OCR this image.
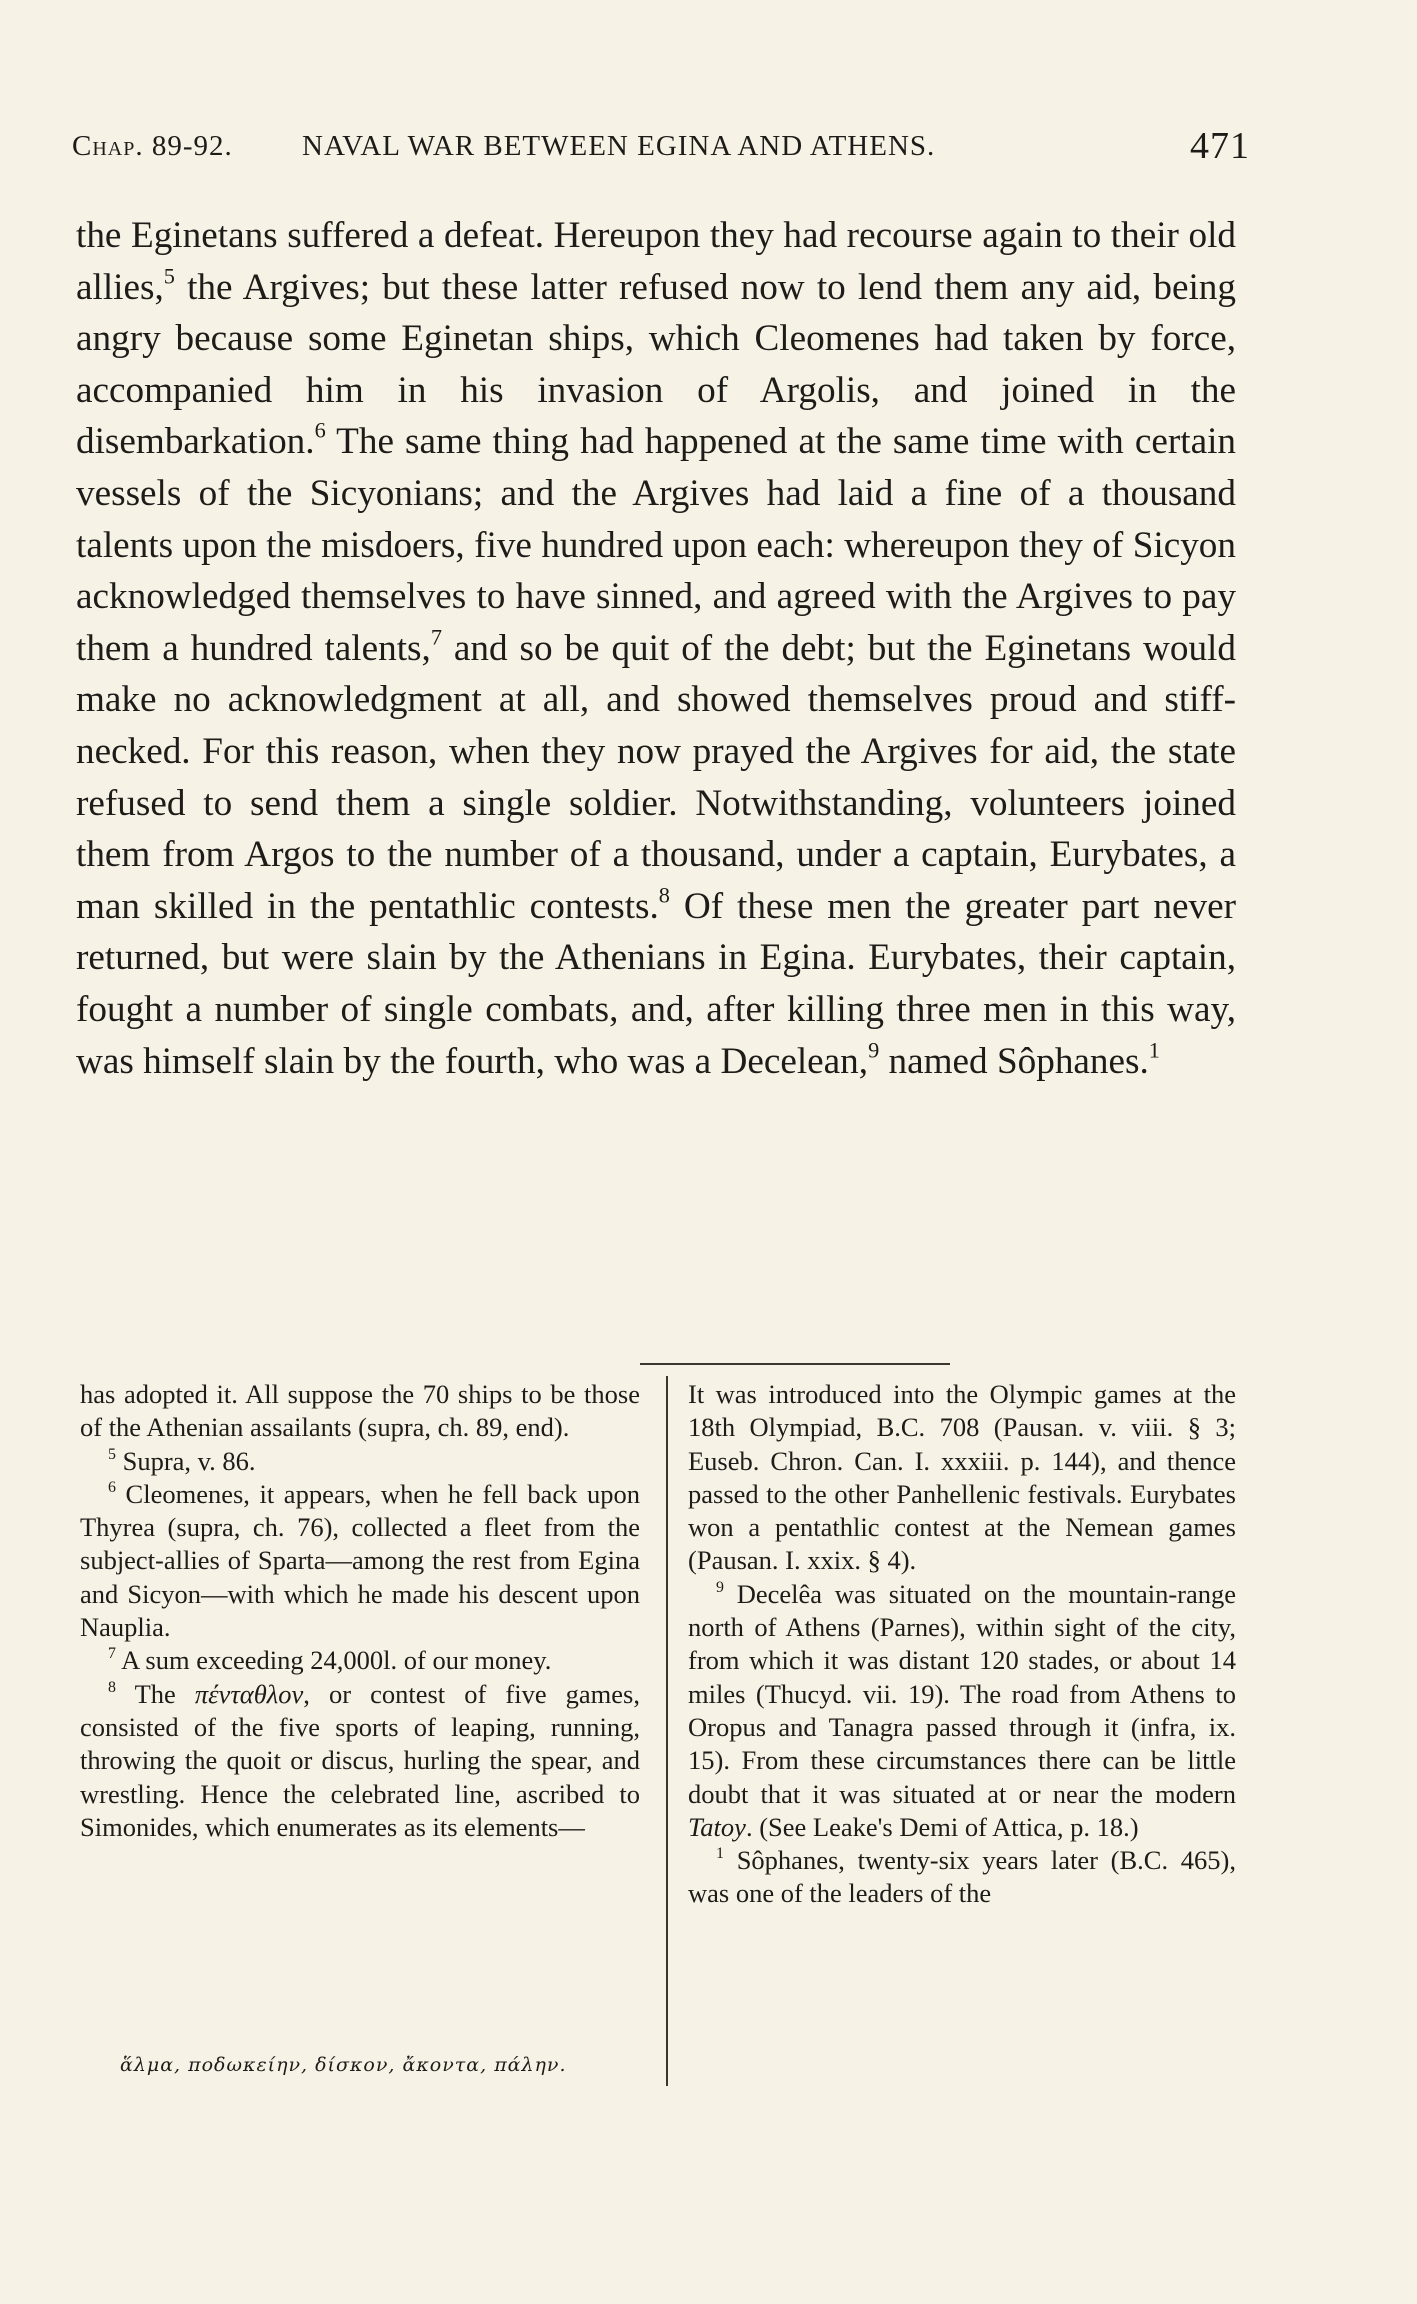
Chap. 89-92. NAVAL WAR BETWEEN EGINA AND ATHENS.	471

the Eginetans suffered a defeat. Hereupon they had recourse again to their old allies,$^5$ the Argives; but these latter refused now to lend them any aid, being angry because some Eginetan ships, which Cleomenes had taken by force, accompanied him in his invasion of Argolis, and joined in the disembarkation.$^6$ The same thing had happened at the same time with certain vessels of the Sicyonians; and the Argives had laid a fine of a thousand talents upon the misdoers, five hundred upon each: whereupon they of Sicyon acknowledged themselves to have sinned, and agreed with the Argives to pay them a hundred talents,$^7$ and so be quit of the debt; but the Eginetans would make no acknowledgment at all, and showed themselves proud and stiff-necked. For this reason, when they now prayed the Argives for aid, the state refused to send them a single soldier. Notwithstanding, volunteers joined them from Argos to the number of a thousand, under a captain, Eurybates, a man skilled in the pentathlic contests.$^8$ Of these men the greater part never returned, but were slain by the Athenians in Egina. Eurybates, their captain, fought a number of single combats, and, after killing three men in this way, was himself slain by the fourth, who was a Decelean,$^9$ named Sôphanes.$^1$

has adopted it. All suppose the 70 ships to be those of the Athenian assailants (supra, ch. 89, end).

$^5$ Supra, v. 86.

$^6$ Cleomenes, it appears, when he fell back upon Thyrea (supra, ch. 76), collected a fleet from the subject-allies of Sparta—among the rest from Egina and Sicyon—with which he made his descent upon Nauplia.

$^7$ A sum exceeding 24,000l. of our money.

$^8$ The πένταθλον, or contest of five games, consisted of the five sports of leaping, running, throwing the quoit or discus, hurling the spear, and wrestling. Hence the celebrated line, ascribed to Simonides, which enumerates as its elements—

ἅλμα, ποδωκείην, δίσκον, ἄκοντα, πάλην.

It was introduced into the Olympic games at the 18th Olympiad, B.C. 708 (Pausan. v. viii. § 3; Euseb. Chron. Can. I. xxxiii. p. 144), and thence passed to the other Panhellenic festivals. Eurybates won a pentathlic contest at the Nemean games (Pausan. I. xxix. § 4).

$^9$ Decelêa was situated on the mountain-range north of Athens (Parnes), within sight of the city, from which it was distant 120 stades, or about 14 miles (Thucyd. vii. 19). The road from Athens to Oropus and Tanagra passed through it (infra, ix. 15). From these circumstances there can be little doubt that it was situated at or near the modern Tatoy. (See Leake's Demi of Attica, p. 18.)

$^1$ Sôphanes, twenty-six years later (B.C. 465), was one of the leaders of the
